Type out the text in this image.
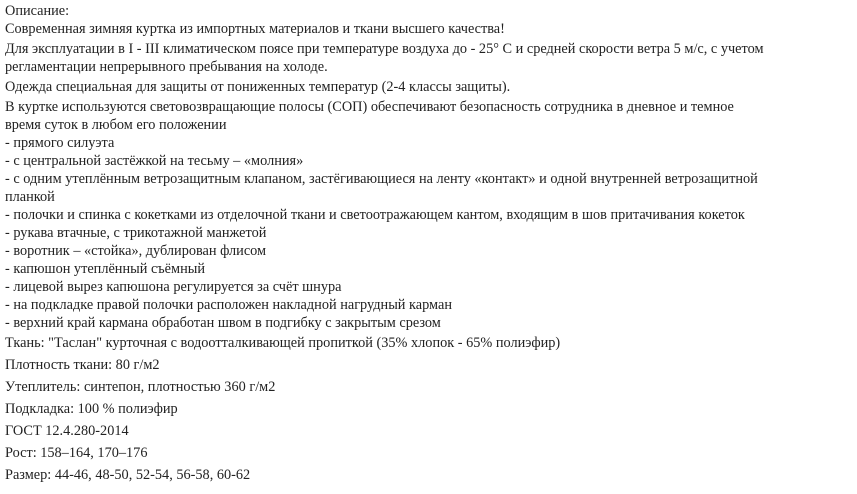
Описание:

Современная зимняя куртка из импортных материалов и ткани высшего качества!

Для эксплуатации в I - III климатическом поясе при температуре воздуха до - 25° С и средней скорости ветра 5 м/с, с учетом

регламентации непрерывного пребывания на холоде.

Одежда специальная для защиты от пониженных температур (2-4 классы защиты).

В куртке используются световозвращающие полосы (СОП) обеспечивают безопасность сотрудника в дневное и темное

время суток в любом его положении

- прямого силуэта
- с центральной застёжкой на тесьму – «молния»
- с одним утеплённым ветрозащитным клапаном, застёгивающиеся на ленту «контакт» и одной внутренней ветрозащитной
планкой
- полочки и спинка с кокетками из отделочной ткани и светоотражающем кантом, входящим в шов притачивания кокеток
- рукава втачные, с трикотажной манжетой
- воротник – «стойка», дублирован флисом
- капюшон утеплённый съёмный
- лицевой вырез капюшона регулируется за счёт шнура
- на подкладке правой полочки расположен накладной нагрудный карман
- верхний край кармана обработан швом в подгибку с закрытым срезом

Ткань: "Таслан" курточная с водоотталкивающей пропиткой (35% хлопок - 65% полиэфир)

Плотность ткани: 80 г/м2

Утеплитель: синтепон, плотностью 360 г/м2

Подкладка: 100 % полиэфир

ГОСТ 12.4.280-2014

Рост: 158–164, 170–176

Размер: 44-46, 48-50, 52-54, 56-58, 60-62
